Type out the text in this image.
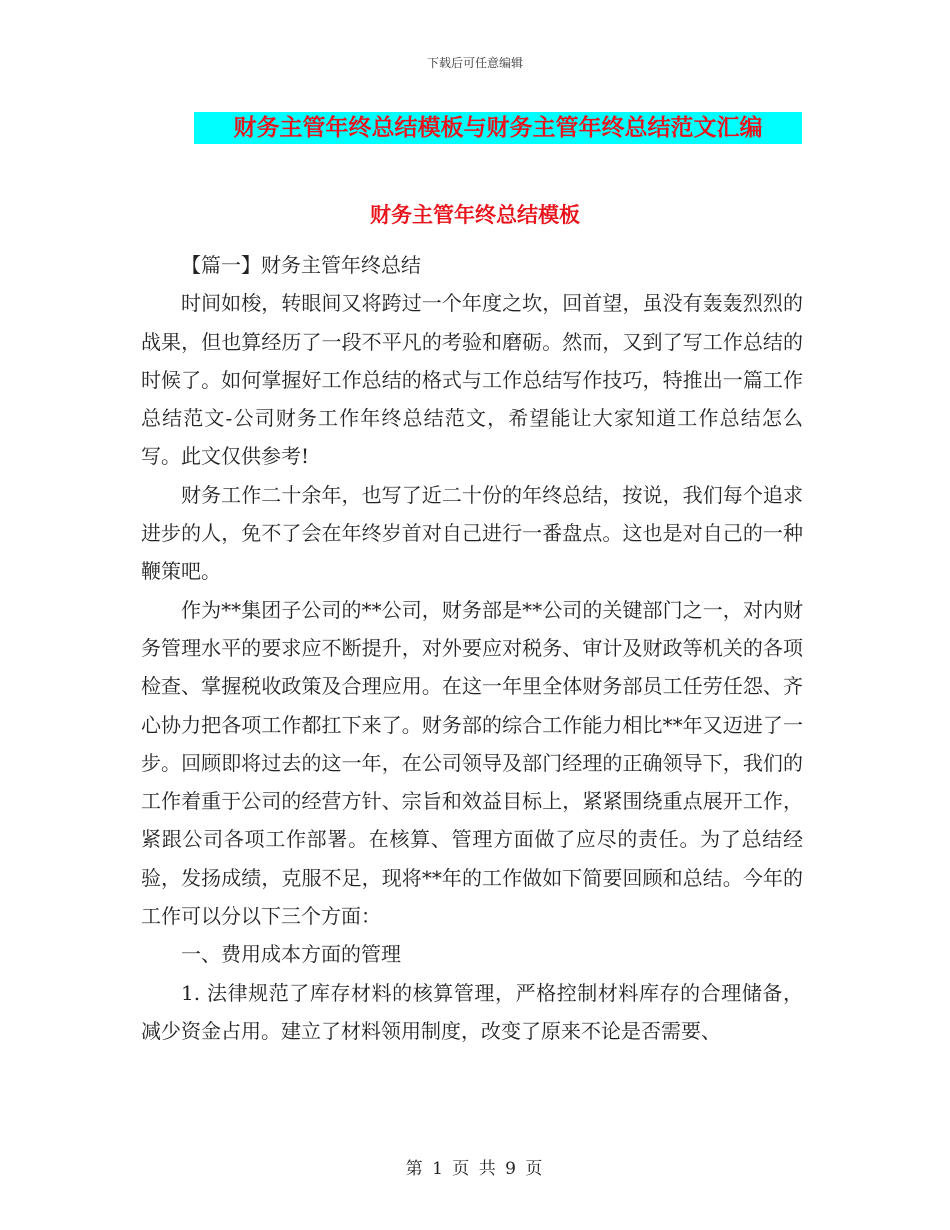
下载后可任意编辑
财务主管年终总结模板与财务主管年终总结范文汇编
财务主管年终总结模板

【篇一】财务主管年终总结

时间如梭，转眼间又将跨过一个年度之坎，回首望，虽没有轰轰烈烈的战果，但也算经历了一段不平凡的考验和磨砺。然而，又到了写工作总结的时候了。如何掌握好工作总结的格式与工作总结写作技巧，特推出一篇工作总结范文-公司财务工作年终总结范文，希望能让大家知道工作总结怎么写。此文仅供参考!

财务工作二十余年，也写了近二十份的年终总结，按说，我们每个追求进步的人，免不了会在年终岁首对自己进行一番盘点。这也是对自己的一种鞭策吧。

作为**集团子公司的**公司，财务部是**公司的关键部门之一，对内财务管理水平的要求应不断提升，对外要应对税务、审计及财政等机关的各项检查、掌握税收政策及合理应用。在这一年里全体财务部员工任劳任怨、齐心协力把各项工作都扛下来了。财务部的综合工作能力相比**年又迈进了一步。回顾即将过去的这一年，在公司领导及部门经理的正确领导下，我们的工作着重于公司的经营方针、宗旨和效益目标上，紧紧围绕重点展开工作，紧跟公司各项工作部署。在核算、管理方面做了应尽的责任。为了总结经验，发扬成绩，克服不足，现将**年的工作做如下简要回顾和总结。今年的工作可以分以下三个方面：

一、费用成本方面的管理

1. 法律规范了库存材料的核算管理，严格控制材料库存的合理储备，减少资金占用。建立了材料领用制度，改变了原来不论是否需要、

第 1 页 共 9 页
